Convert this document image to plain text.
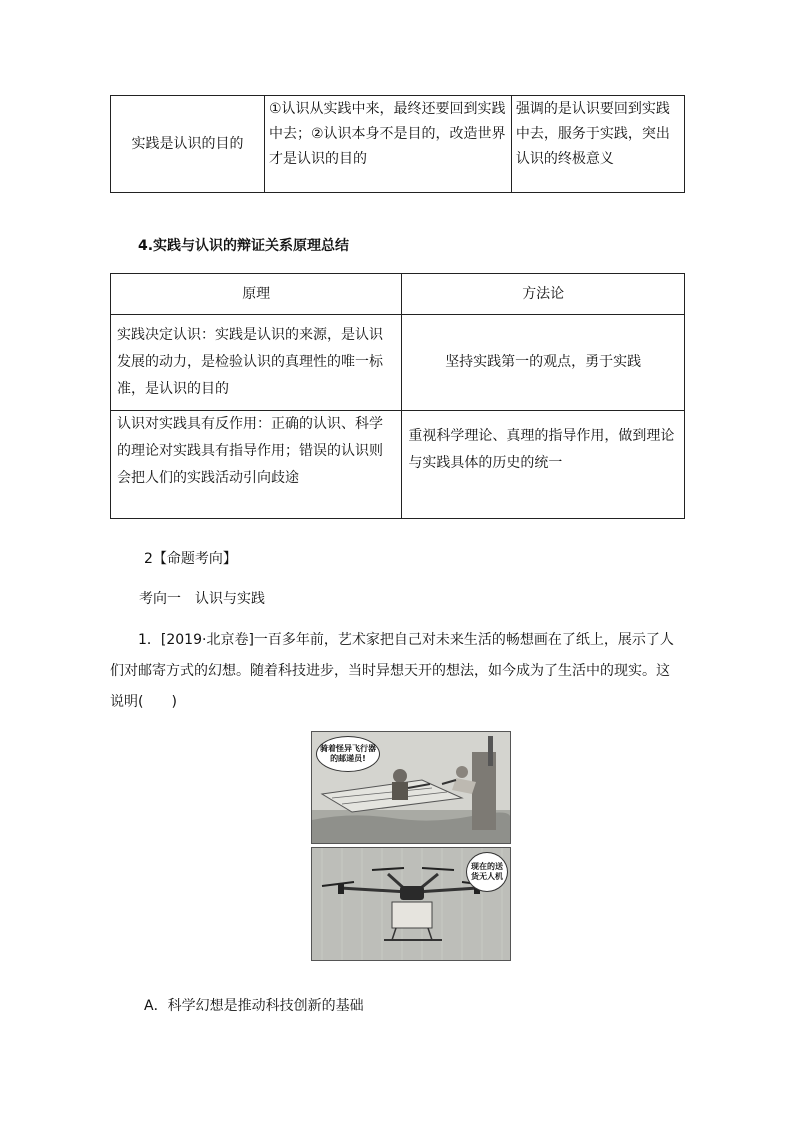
实践是认识的目的	①认识从实践中来，最终还要回到实践中去；②认识本身不是目的，改造世界才是认识的目的	强调的是认识要回到实践中去，服务于实践，突出认识的终极意义
4.实践与认识的辩证关系原理总结
原理	方法论
实践决定认识：实践是认识的来源，是认识发展的动力，是检验认识的真理性的唯一标准，是认识的目的	坚持实践第一的观点，勇于实践
认识对实践具有反作用：正确的认识、科学的理论对实践具有指导作用；错误的认识则会把人们的实践活动引向歧途	重视科学理论、真理的指导作用，做到理论与实践具体的历史的统一
2【命题考向】
考向一　认识与实践
1．[2019·北京卷]一百多年前，艺术家把自己对未来生活的畅想画在了纸上，展示了人
们对邮寄方式的幻想。随着科技进步，当时异想天开的想法，如今成为了生活中的现实。这
说明(　　)
骑着怪异飞行器的邮递员!
现在的送货无人机
A．科学幻想是推动科技创新的基础
